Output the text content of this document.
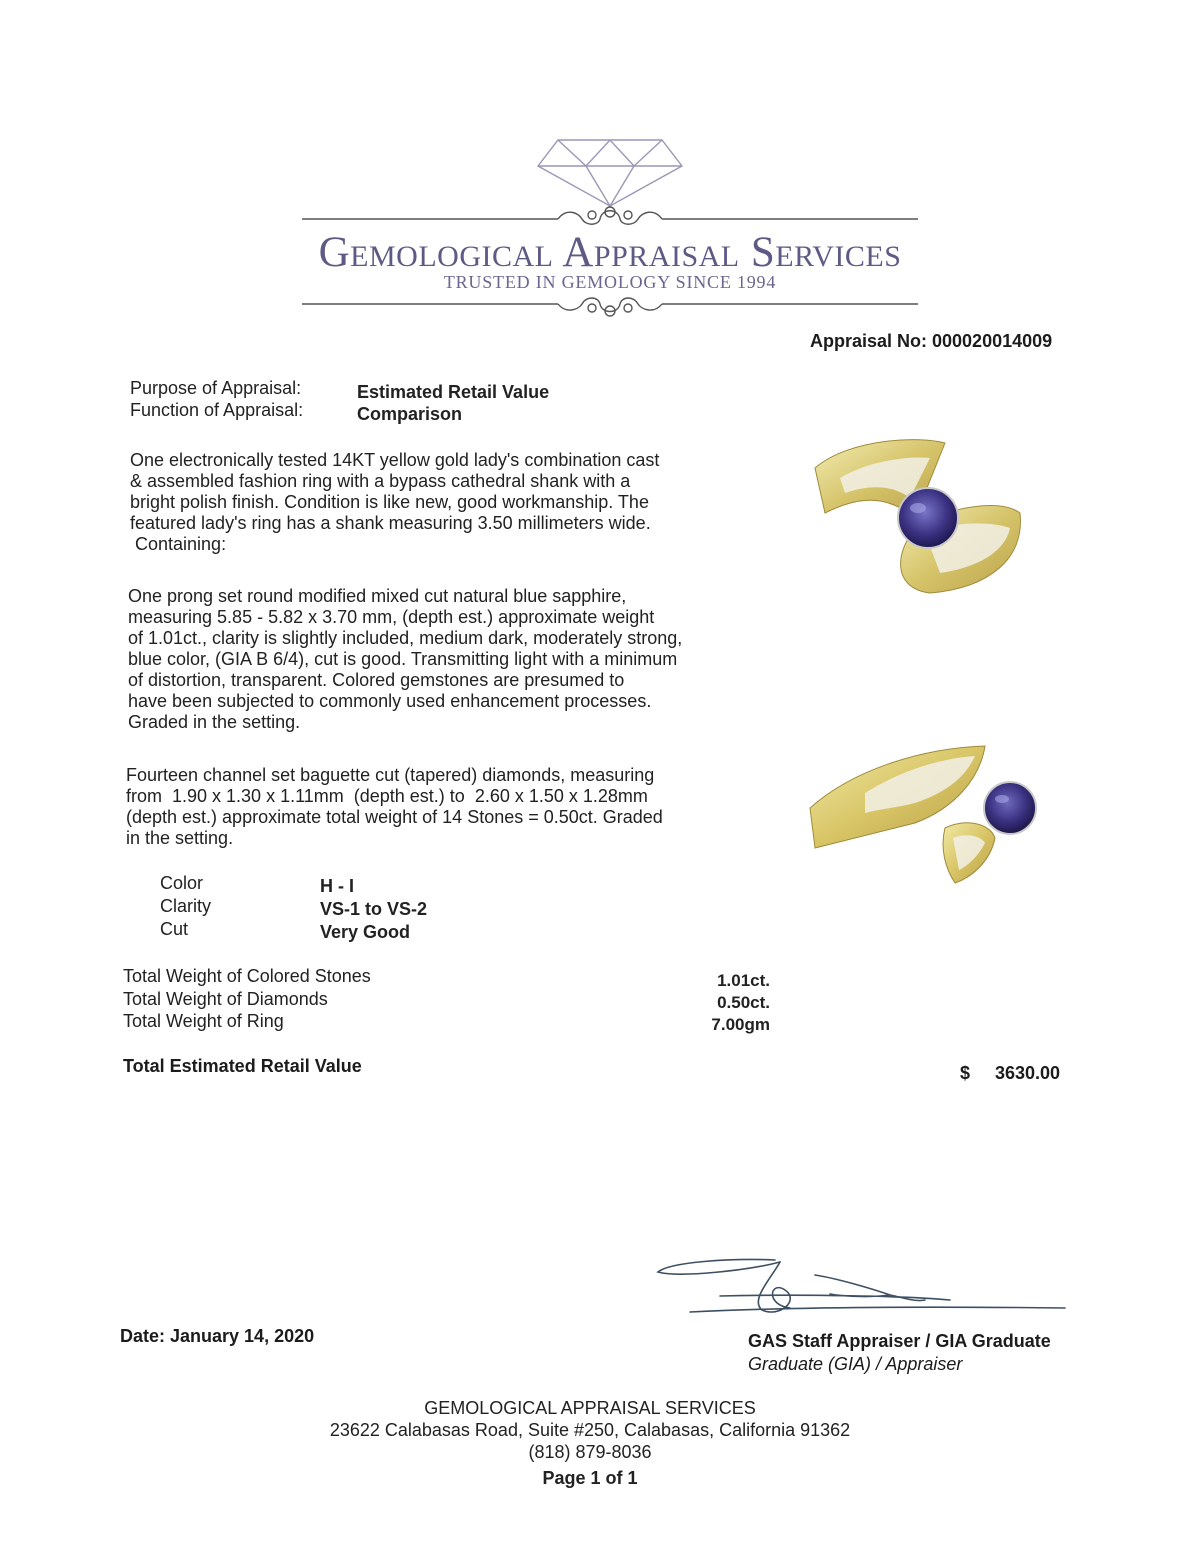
Gemological Appraisal Services
TRUSTED IN GEMOLOGY SINCE 1994
Appraisal No: 000020014009
Purpose of Appraisal:	Estimated Retail Value
Function of Appraisal:	Comparison
One electronically tested 14KT yellow gold lady's combination cast
& assembled fashion ring with a bypass cathedral shank with a
bright polish finish. Condition is like new, good workmanship. The
featured lady's ring has a shank measuring 3.50 millimeters wide.
Containing:
One prong set round modified mixed cut natural blue sapphire,
measuring 5.85 - 5.82 x 3.70 mm, (depth est.) approximate weight
of 1.01ct., clarity is slightly included, medium dark, moderately strong,
blue color, (GIA B 6/4), cut is good. Transmitting light with a minimum
of distortion, transparent. Colored gemstones are presumed to
have been subjected to commonly used enhancement processes.
Graded in the setting.
Fourteen channel set baguette cut (tapered) diamonds, measuring
from  1.90 x 1.30 x 1.11mm  (depth est.) to  2.60 x 1.50 x 1.28mm
(depth est.) approximate total weight of 14 Stones = 0.50ct. Graded
in the setting.
Color	H - I
Clarity	VS-1 to VS-2
Cut	Very Good
Total Weight of Colored Stones	1.01ct.
Total Weight of Diamonds	0.50ct.
Total Weight of Ring	7.00gm
Total Estimated Retail Value	$ 3630.00
Date: January 14, 2020	GAS Staff Appraiser / GIA Graduate
Graduate (GIA) / Appraiser
GEMOLOGICAL APPRAISAL SERVICES
23622 Calabasas Road, Suite #250, Calabasas, California 91362
(818) 879-8036
Page 1 of 1
